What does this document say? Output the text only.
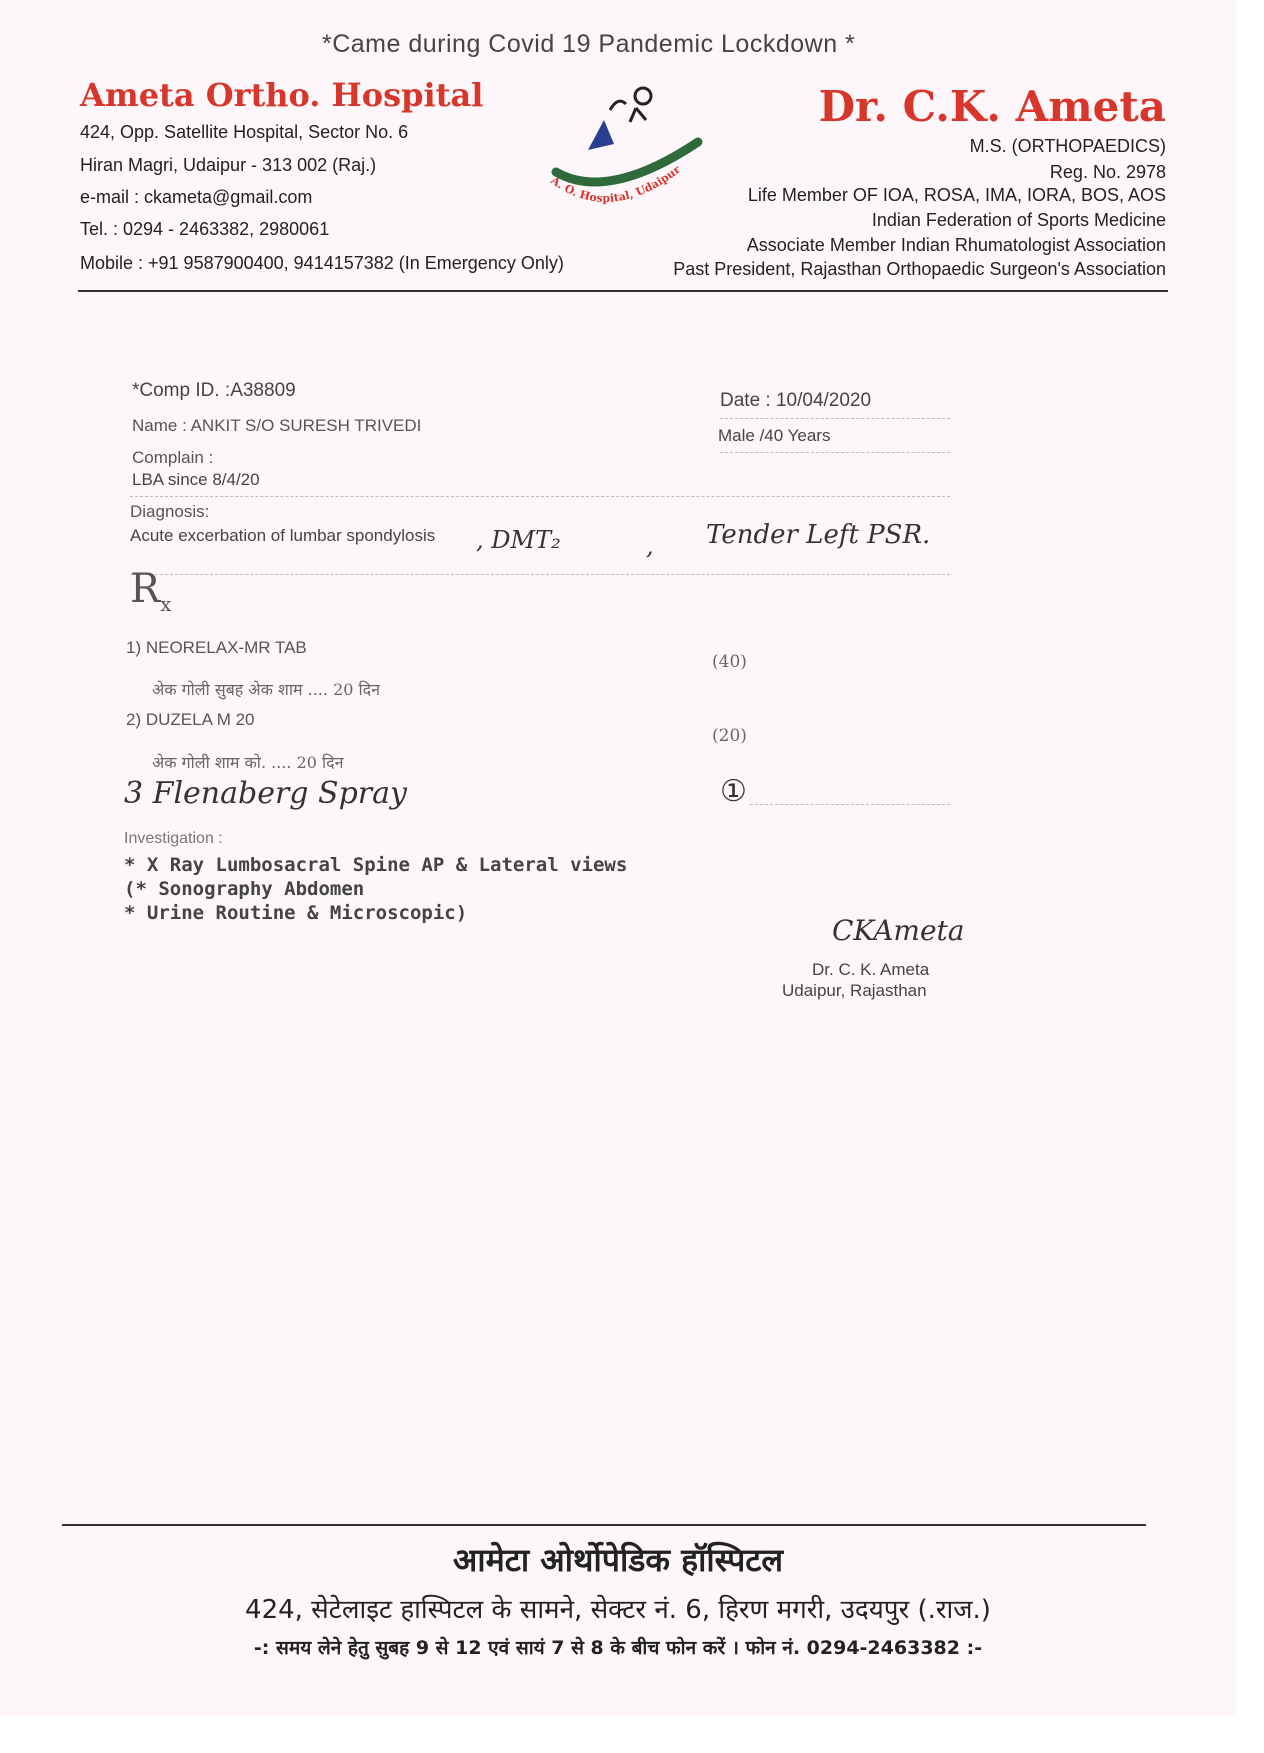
*Came during Covid 19 Pandemic Lockdown *
Ameta Ortho. Hospital
424, Opp. Satellite Hospital, Sector No. 6
Hiran Magri, Udaipur - 313 002 (Raj.)
e-mail : ckameta@gmail.com
Tel. : 0294 - 2463382, 2980061
Mobile : +91 9587900400, 9414157382 (In Emergency Only)
A. O. Hospital, Udaipur
Dr. C.K. Ameta
M.S. (ORTHOPAEDICS)
Reg. No. 2978
Life Member OF IOA, ROSA, IMA, IORA, BOS, AOS
Indian Federation of Sports Medicine
Associate Member Indian Rhumatologist Association
Past President, Rajasthan Orthopaedic Surgeon's Association
*Comp ID. :A38809	Date : 10/04/2020
Name : ANKIT S/O SURESH TRIVEDI
Male /40 Years
Complain :
LBA since 8/4/20
Diagnosis:
Acute excerbation of lumbar spondylosis , DMT₂	, Tender Left PSR.
$R_x$
1) NEORELAX-MR TAB
अेक गोली सुबह अेक शाम .... 20 दिन
(40)
2) DUZELA M 20
अेक गोली शाम को. .... 20 दिन
(20)
3 Flenaberg Spray	①
Investigation :
* X Ray Lumbosacral Spine AP & Lateral views
(* Sonography Abdomen
* Urine Routine & Microscopic)
CKAmeta
Dr. C. K. Ameta
Udaipur, Rajasthan
आमेटा ओर्थोपेडिक हॉस्पिटल
424, सेटेलाइट हास्पिटल के सामने, सेक्टर नं. 6, हिरण मगरी, उदयपुर (.राज.)
-: समय लेने हेतु सुबह 9 से 12 एवं सायं 7 से 8 के बीच फोन करें । फोन नं. 0294-2463382 :-
